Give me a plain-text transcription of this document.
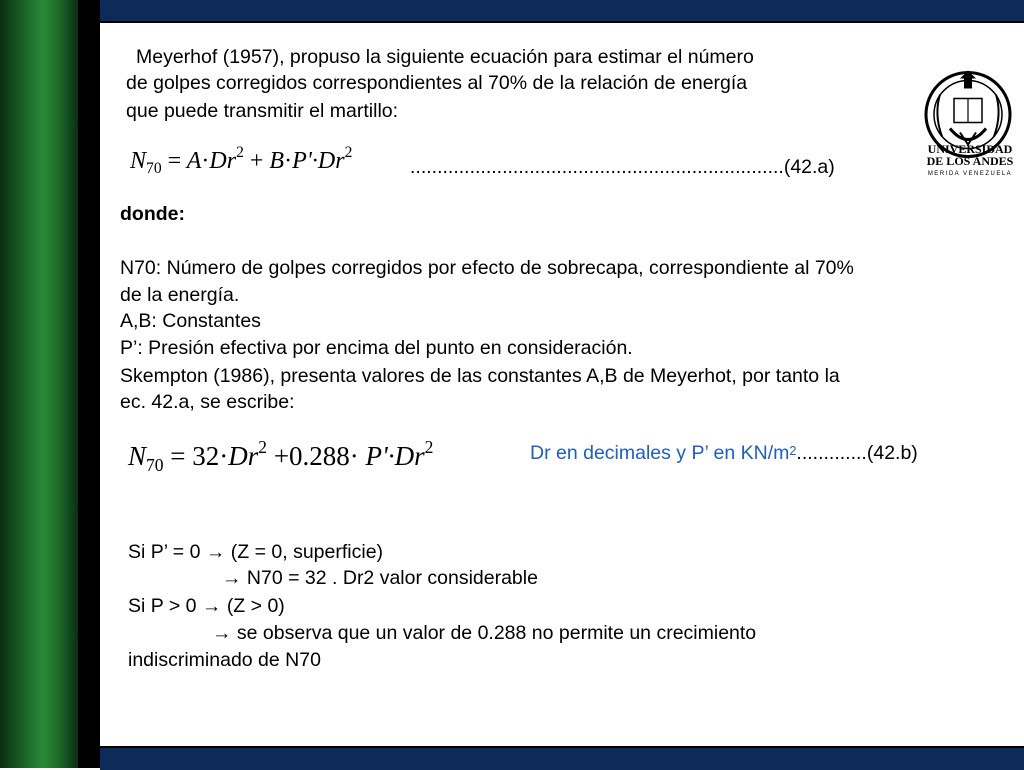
Meyerhof (1957), propuso la siguiente ecuación para estimar el número
de golpes corregidos correspondientes al 70% de la relación de energía
que puede transmitir el martillo:
$N_{70} = A\cdot Dr^2 + B\cdot P'\cdot Dr^2$
.....................................................................(42.a)
UNIVERSIDAD
DE LOS ANDES
MERIDA VENEZUELA
donde:
N70: Número de golpes corregidos por efecto de sobrecapa, correspondiente al 70%
de la energía.
A,B: Constantes
P’: Presión efectiva por encima del punto en consideración.
Skempton (1986), presenta valores de las constantes A,B de Meyerhot, por tanto la
ec. 42.a, se escribe:
$N_{70} = 32\cdot Dr^2 +0.288\cdot P'\cdot Dr^2$	Dr en decimales y P’ en $KN/m^2.............(42.b)$
Si P’ = 0 → (Z = 0, superficie)
→ N70 = 32 . Dr2 valor considerable
Si P > 0 → (Z > 0)
→ se observa que un valor de 0.288 no permite un crecimiento
indiscriminado de N70
